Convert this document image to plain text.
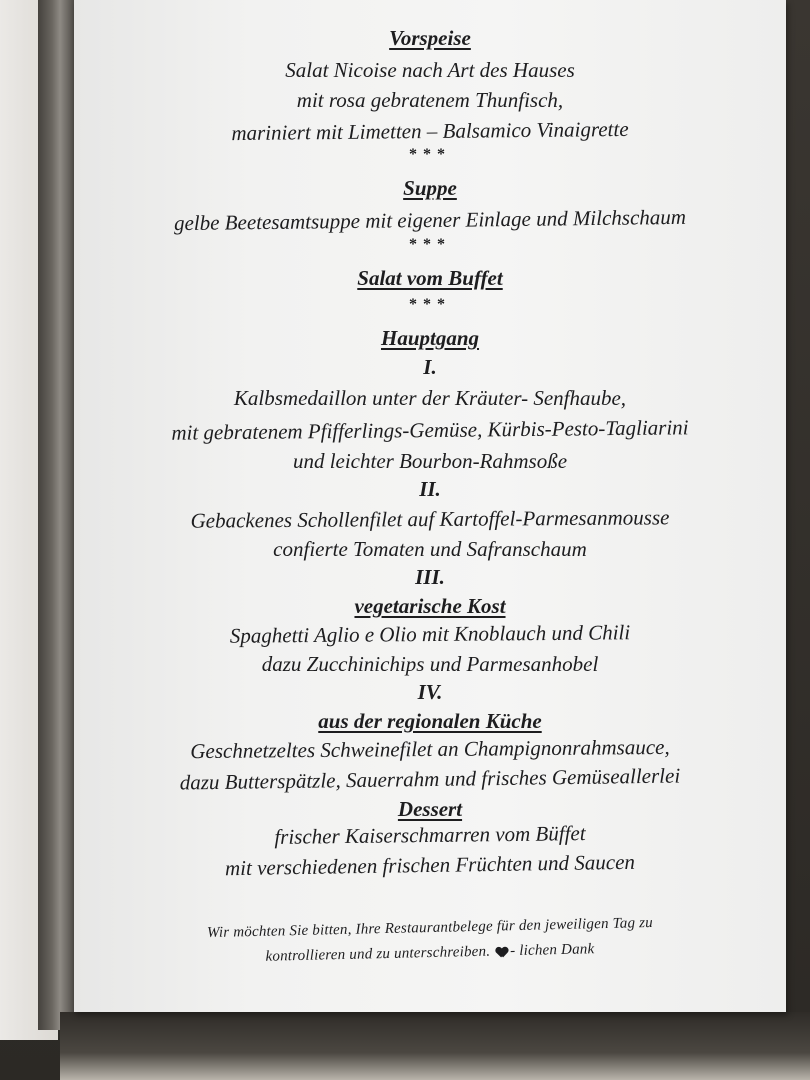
Vorspeise
Salat Nicoise nach Art des Hauses
mit rosa gebratenem Thunfisch,
mariniert mit Limetten – Balsamico Vinaigrette
***
Suppe
gelbe Beetesamtsuppe mit eigener Einlage und Milchschaum
***
Salat vom Buffet
***
Hauptgang
I.
Kalbsmedaillon unter der Kräuter- Senfhaube,
mit gebratenem Pfifferlings-Gemüse, Kürbis-Pesto-Tagliarini
und leichter Bourbon-Rahmsoße
II.
Gebackenes Schollenfilet auf Kartoffel-Parmesanmousse
confierte Tomaten und Safranschaum
III.
vegetarische Kost
Spaghetti Aglio e Olio mit Knoblauch und Chili
dazu Zucchinichips und Parmesanhobel
IV.
aus der regionalen Küche
Geschnetzeltes Schweinefilet an Champignonrahmsauce,
dazu Butterspätzle, Sauerrahm und frisches Gemüseallerlei
Dessert
frischer Kaiserschmarren vom Büffet
mit verschiedenen frischen Früchten und Saucen
Wir möchten Sie bitten, Ihre Restaurantbelege für den jeweiligen Tag zu
kontrollieren und zu unterschreiben. - lichen Dank
